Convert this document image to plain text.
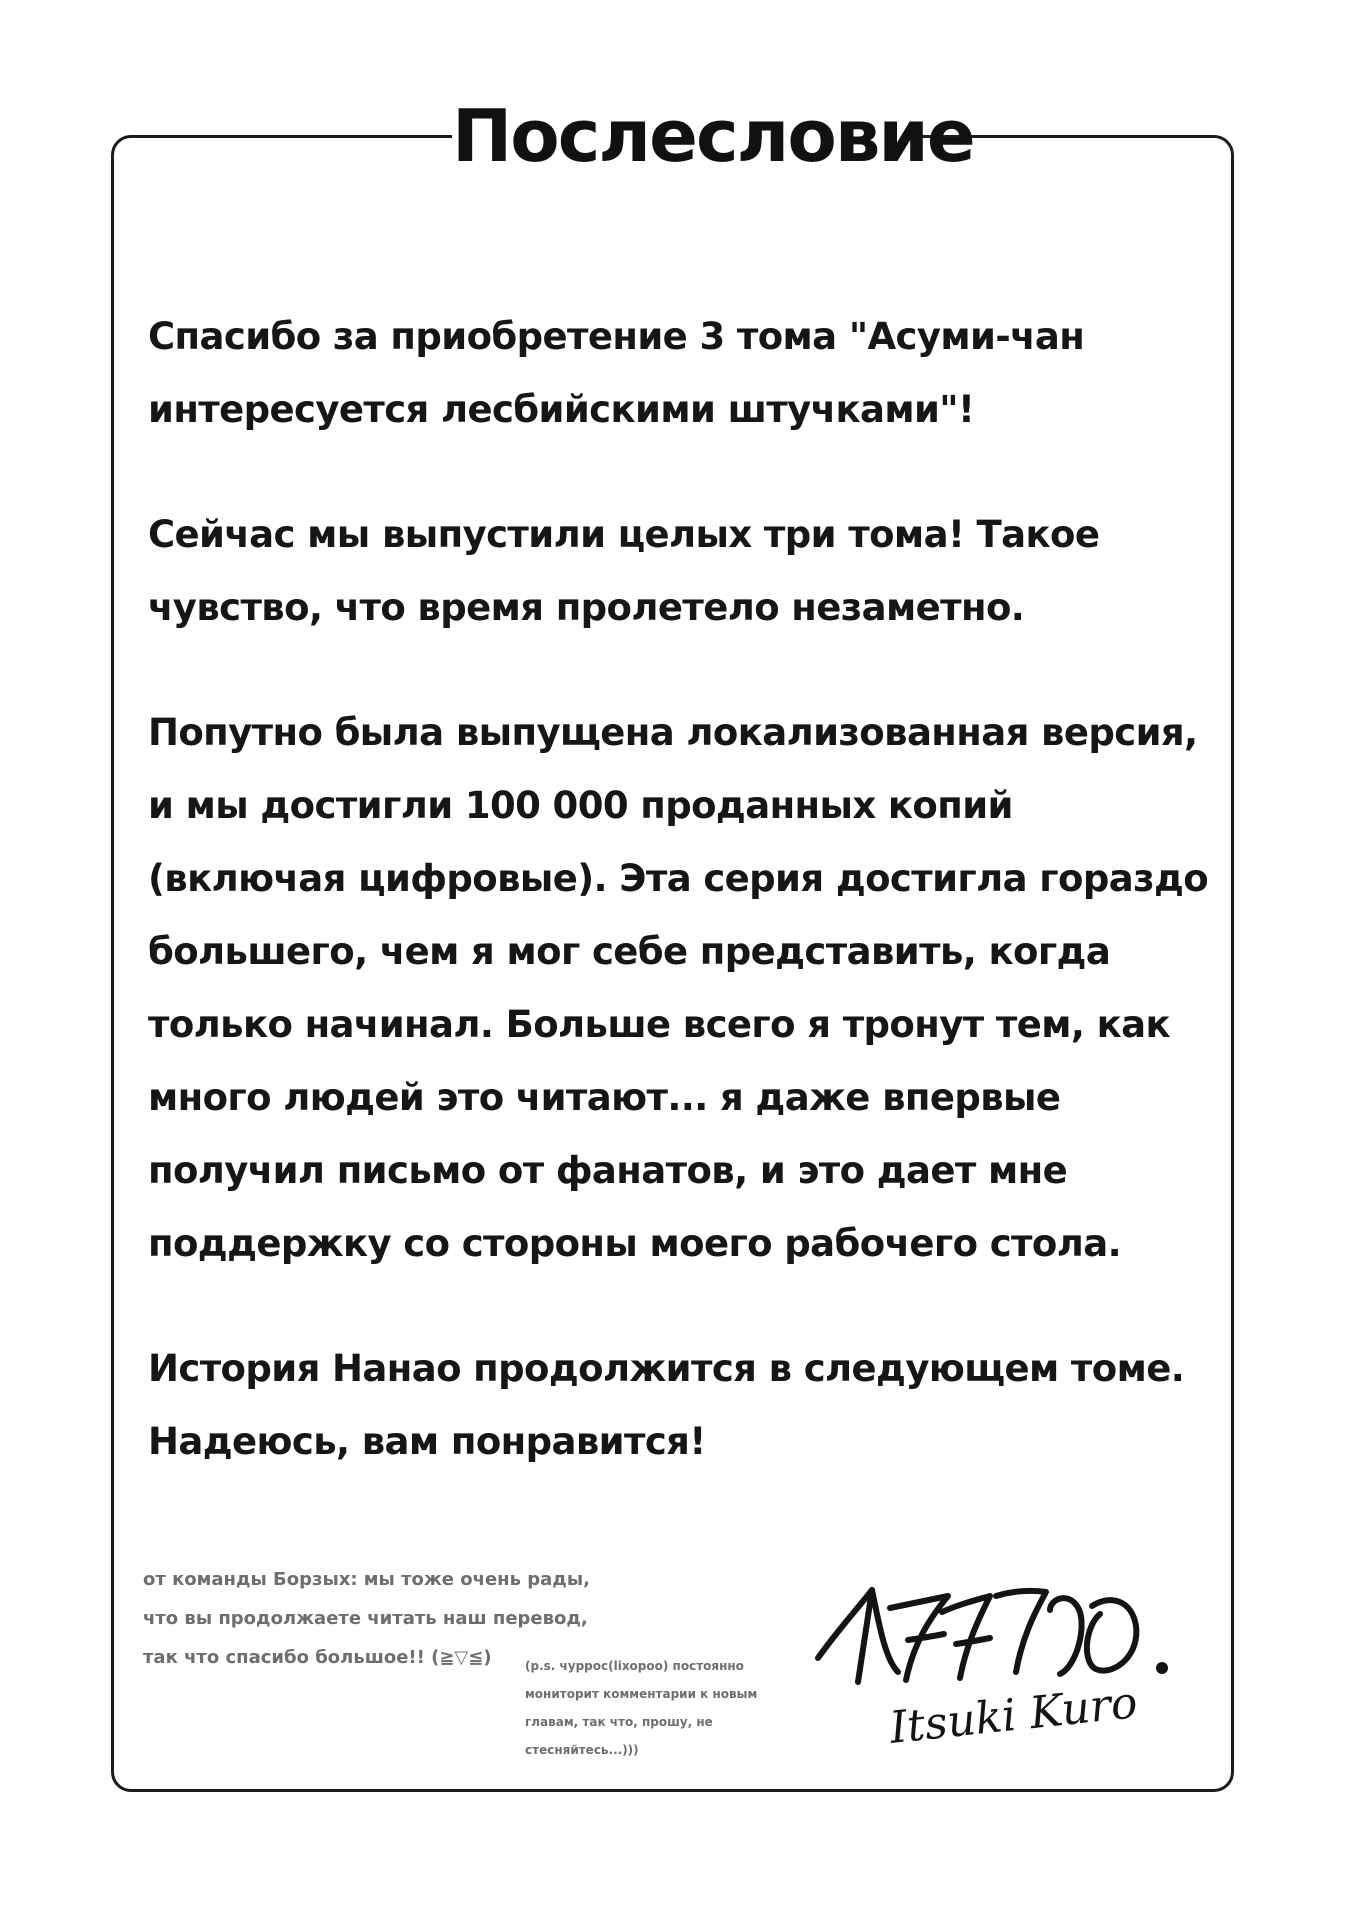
Послесловие

Спасибо за приобретение 3 тома "Асуми-чан
интересуется лесбийскими штучками"!

Сейчас мы выпустили целых три тома! Такое
чувство, что время пролетело незаметно.

Попутно была выпущена локализованная версия,
и мы достигли 100 000 проданных копий
(включая цифровые). Эта серия достигла гораздо
большего, чем я мог себе представить, когда
только начинал. Больше всего я тронут тем, как
много людей это читают... я даже впервые
получил письмо от фанатов, и это дает мне
поддержку со стороны моего рабочего стола.

История Нанао продолжится в следующем томе.
Надеюсь, вам понравится!

от команды Борзых: мы тоже очень рады,
что вы продолжаете читать наш перевод,
так что спасибо большое!! (≧▽≦)	(p.s. чуррос(lixopoo) постоянно
мониторит комментарии к новым
главам, так что, прошу, не
стесняйтесь...)))	Itsuki Kuro
